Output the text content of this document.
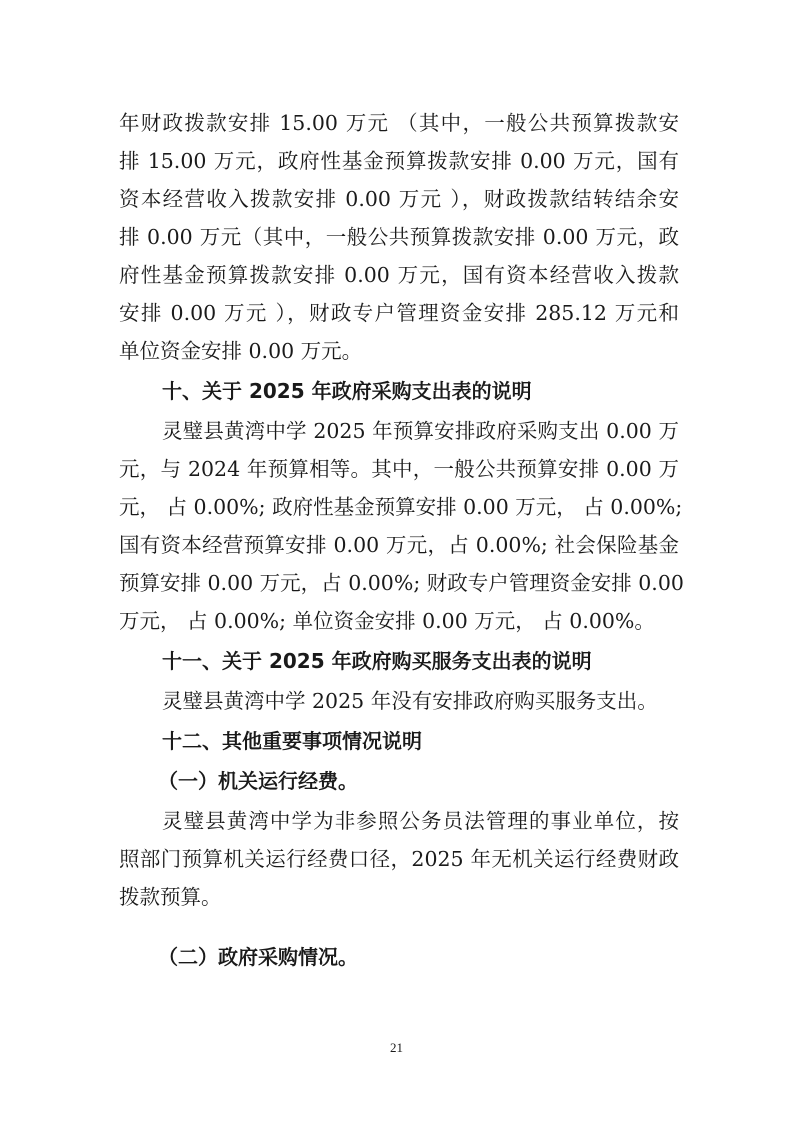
年财政拨款安排 15.00 万元 （其中，一般公共预算拨款安
排 15.00 万元，政府性基金预算拨款安排 0.00 万元，国有
资本经营收入拨款安排 0.00 万元 ），财政拨款结转结余安
排 0.00 万元（其中，一般公共预算拨款安排 0.00 万元，政
府性基金预算拨款安排 0.00 万元，国有资本经营收入拨款
安排 0.00 万元 ），财政专户管理资金安排 285.12 万元和
单位资金安排 0.00 万元。
十、关于 2025 年政府采购支出表的说明
灵璧县黄湾中学 2025 年预算安排政府采购支出 0.00 万
元，与 2024 年预算相等。其中，一般公共预算安排 0.00 万
元， 占 0.00%; 政府性基金预算安排 0.00 万元， 占 0.00%;
国有资本经营预算安排 0.00 万元，占 0.00%; 社会保险基金
预算安排 0.00 万元，占 0.00%; 财政专户管理资金安排 0.00
万元， 占 0.00%; 单位资金安排 0.00 万元， 占 0.00%。
十一、关于 2025 年政府购买服务支出表的说明
灵璧县黄湾中学 2025 年没有安排政府购买服务支出。
十二、其他重要事项情况说明
（一）机关运行经费。
灵璧县黄湾中学为非参照公务员法管理的事业单位，按
照部门预算机关运行经费口径，2025 年无机关运行经费财政
拨款预算。
（二）政府采购情况。
21
